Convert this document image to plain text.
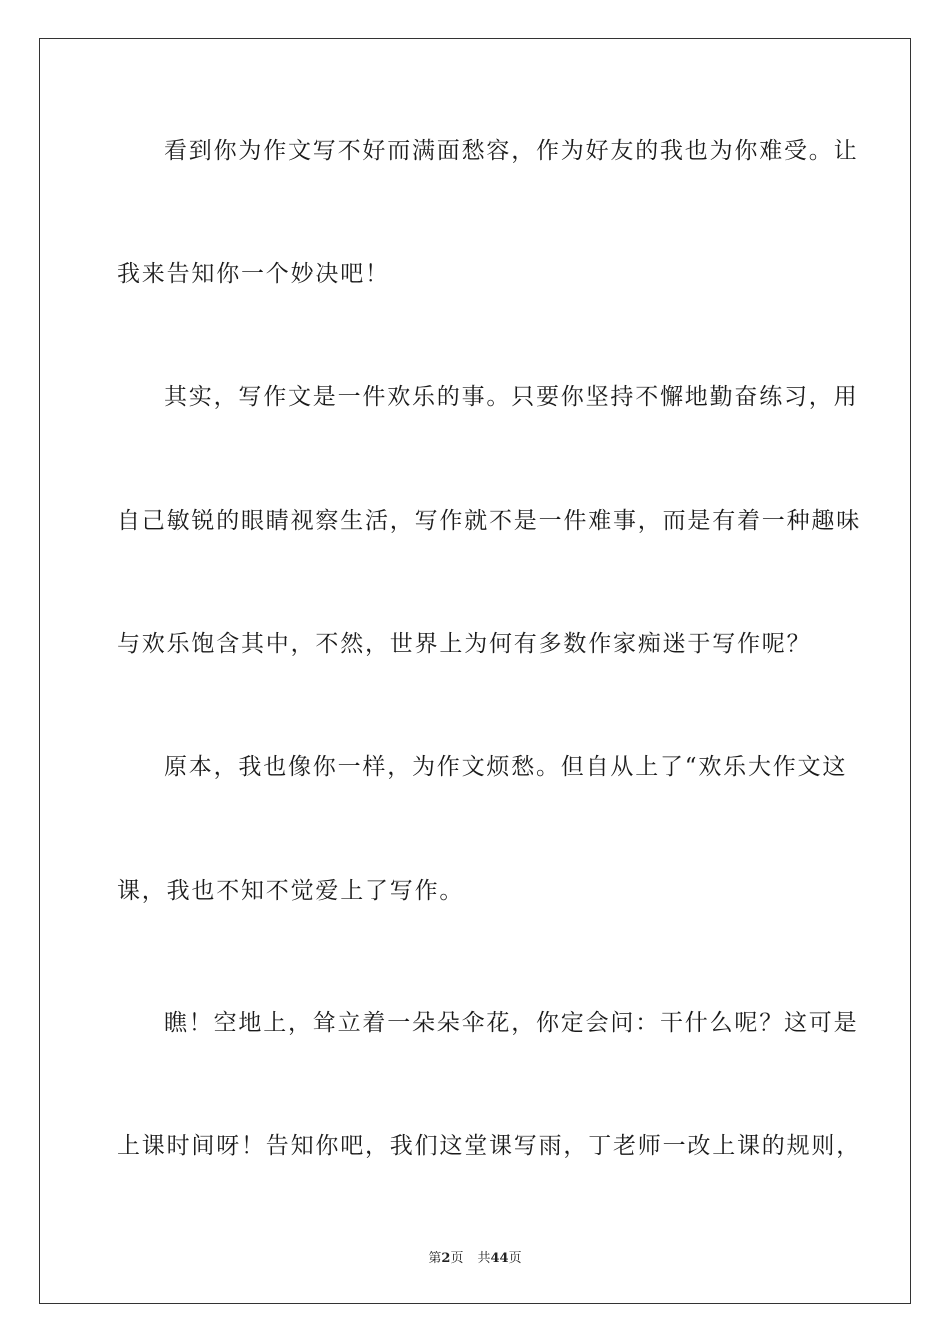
看到你为作文写不好而满面愁容，作为好友的我也为你难受。让
我来告知你一个妙决吧！
其实，写作文是一件欢乐的事。只要你坚持不懈地勤奋练习，用
自己敏锐的眼睛视察生活，写作就不是一件难事，而是有着一种趣味
与欢乐饱含其中，不然，世界上为何有多数作家痴迷于写作呢？
原本，我也像你一样，为作文烦愁。但自从上了“欢乐大作文这
课，我也不知不觉爱上了写作。
瞧！空地上，耸立着一朵朵伞花，你定会问：干什么呢？这可是
上课时间呀！告知你吧，我们这堂课写雨，丁老师一改上课的规则，
第2页 共44页
